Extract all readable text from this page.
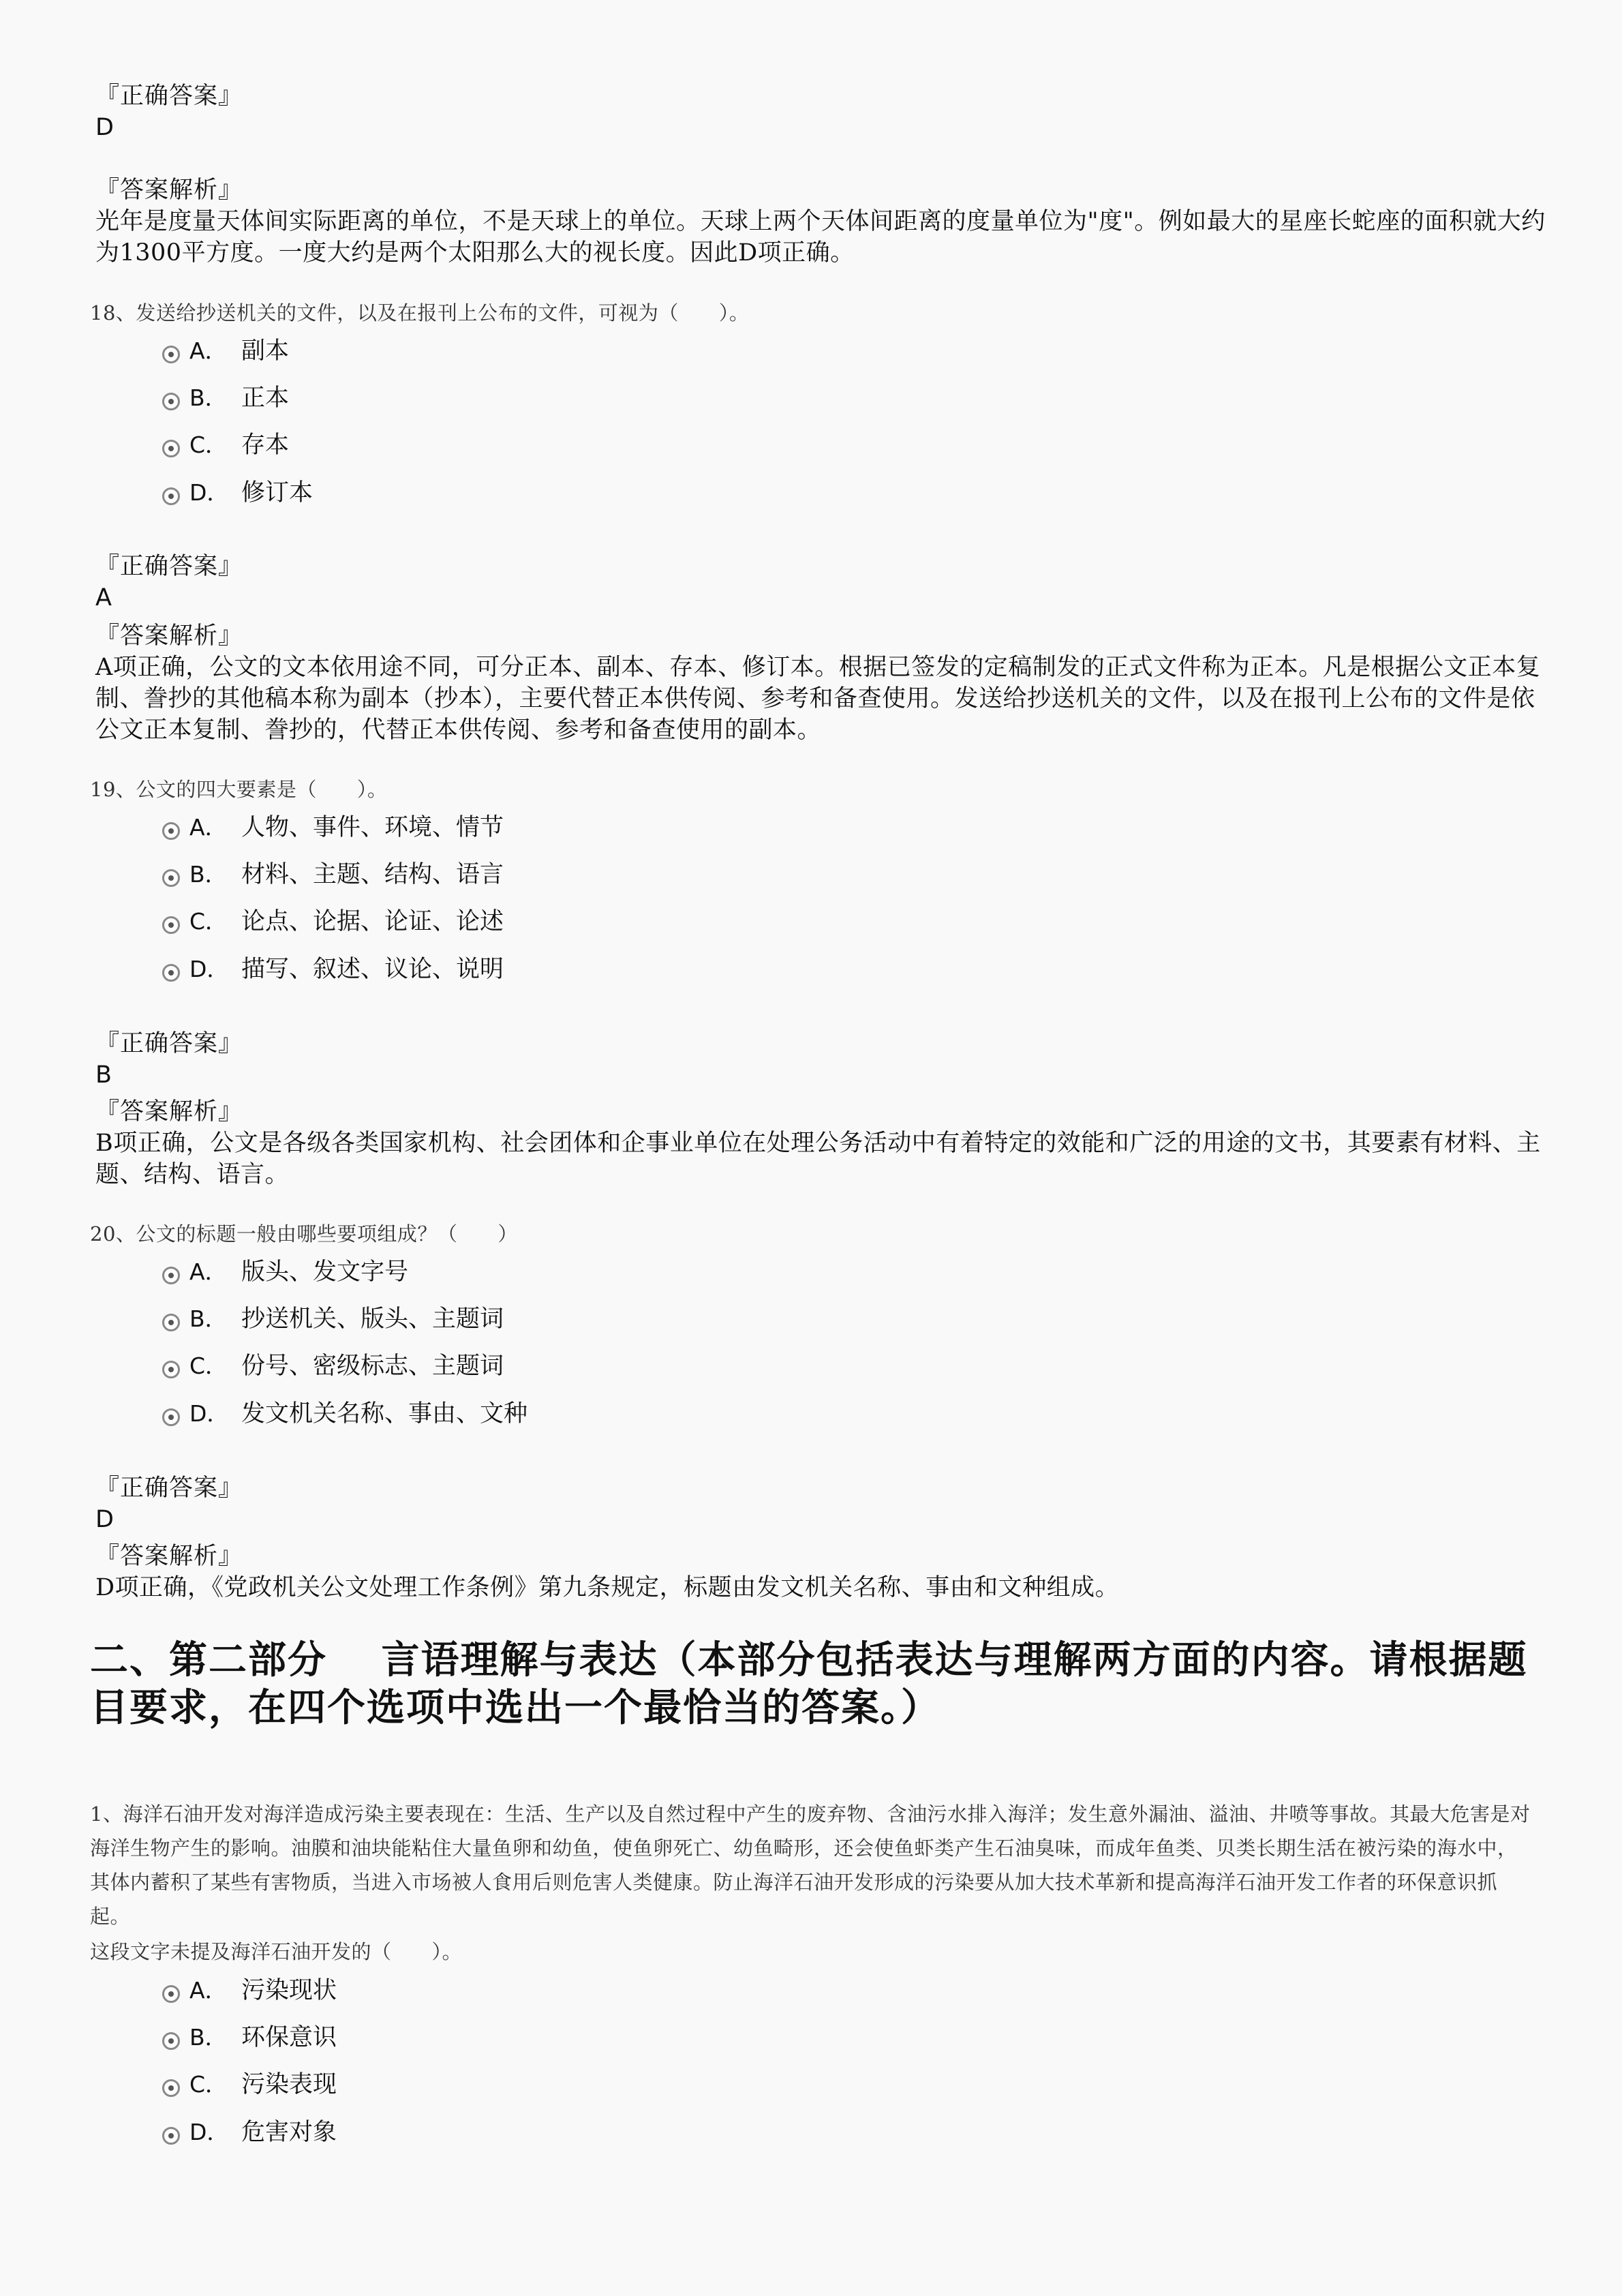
『正确答案』
D
『答案解析』
光年是度量天体间实际距离的单位，不是天球上的单位。天球上两个天体间距离的度量单位为"度"。例如最大的星座长蛇座的面积就大约为1300平方度。一度大约是两个太阳那么大的视长度。因此D项正确。
18、发送给抄送机关的文件，以及在报刊上公布的文件，可视为（　　）。
A． 副本
B． 正本
C． 存本
D． 修订本
『正确答案』
A
『答案解析』
A项正确，公文的文本依用途不同，可分正本、副本、存本、修订本。根据已签发的定稿制发的正式文件称为正本。凡是根据公文正本复制、誊抄的其他稿本称为副本（抄本），主要代替正本供传阅、参考和备查使用。发送给抄送机关的文件，以及在报刊上公布的文件是依公文正本复制、誊抄的，代替正本供传阅、参考和备查使用的副本。
19、公文的四大要素是（　　）。
A． 人物、事件、环境、情节
B． 材料、主题、结构、语言
C． 论点、论据、论证、论述
D． 描写、叙述、议论、说明
『正确答案』
B
『答案解析』
B项正确，公文是各级各类国家机构、社会团体和企事业单位在处理公务活动中有着特定的效能和广泛的用途的文书，其要素有材料、主题、结构、语言。
20、公文的标题一般由哪些要项组成？（　　）
A． 版头、发文字号
B． 抄送机关、版头、主题词
C． 份号、密级标志、主题词
D． 发文机关名称、事由、文种
『正确答案』
D
『答案解析』
D项正确，《党政机关公文处理工作条例》第九条规定，标题由发文机关名称、事由和文种组成。
二、第二部分　 言语理解与表达（本部分包括表达与理解两方面的内容。请根据题目要求，在四个选项中选出一个最恰当的答案。）
1、海洋石油开发对海洋造成污染主要表现在：生活、生产以及自然过程中产生的废弃物、含油污水排入海洋；发生意外漏油、溢油、井喷等事故。其最大危害是对海洋生物产生的影响。油膜和油块能粘住大量鱼卵和幼鱼，使鱼卵死亡、幼鱼畸形，还会使鱼虾类产生石油臭味，而成年鱼类、贝类长期生活在被污染的海水中，其体内蓄积了某些有害物质，当进入市场被人食用后则危害人类健康。防止海洋石油开发形成的污染要从加大技术革新和提高海洋石油开发工作者的环保意识抓起。
这段文字未提及海洋石油开发的（　　）。
A． 污染现状
B． 环保意识
C． 污染表现
D． 危害对象
